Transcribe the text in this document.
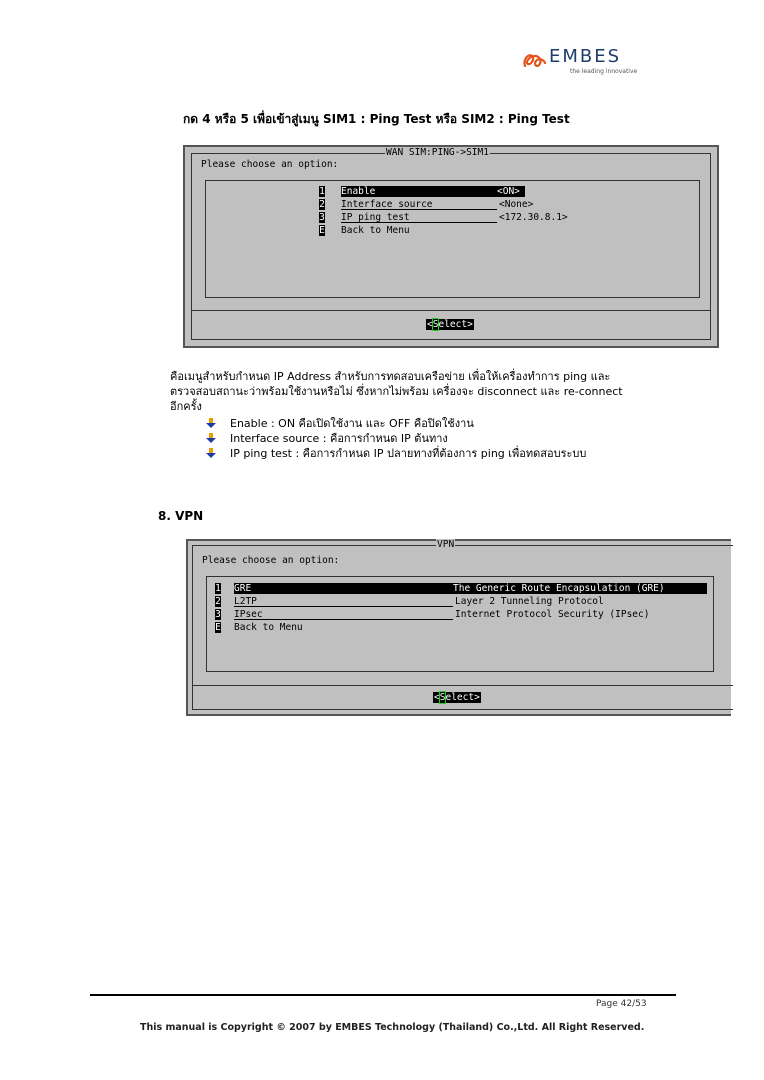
EMBES
the leading innovative
กด 4 หรือ 5 เพื่อเข้าสู่เมนู SIM1 : Ping Test หรือ SIM2 : Ping Test
WAN SIM:PING->SIM1
Please choose an option:
1 Enable	<ON>
2 Interface source	<None>
3 IP ping test	<172.30.8.1>
E Back to Menu
<Select>
คือเมนูสำหรับกำหนด IP Address สำหรับการทดสอบเครือข่าย เพื่อให้เครื่องทำการ ping และ
ตรวจสอบสถานะว่าพร้อมใช้งานหรือไม่ ซึ่งหากไม่พร้อม เครื่องจะ disconnect และ re-connect
อีกครั้ง
Enable : ON คือเปิดใช้งาน และ OFF คือปิดใช้งาน
Interface source : คือการกำหนด IP ต้นทาง
IP ping test : คือการกำหนด IP ปลายทางที่ต้องการ ping เพื่อทดสอบระบบ
8. VPN
VPN
Please choose an option:
1 GRE	The Generic Route Encapsulation (GRE)
2 L2TP	Layer 2 Tunneling Protocol
3 IPsec	Internet Protocol Security (IPsec)
E Back to Menu
<Select>
Page 42/53
This manual is Copyright © 2007 by EMBES Technology (Thailand) Co.,Ltd. All Right Reserved.
